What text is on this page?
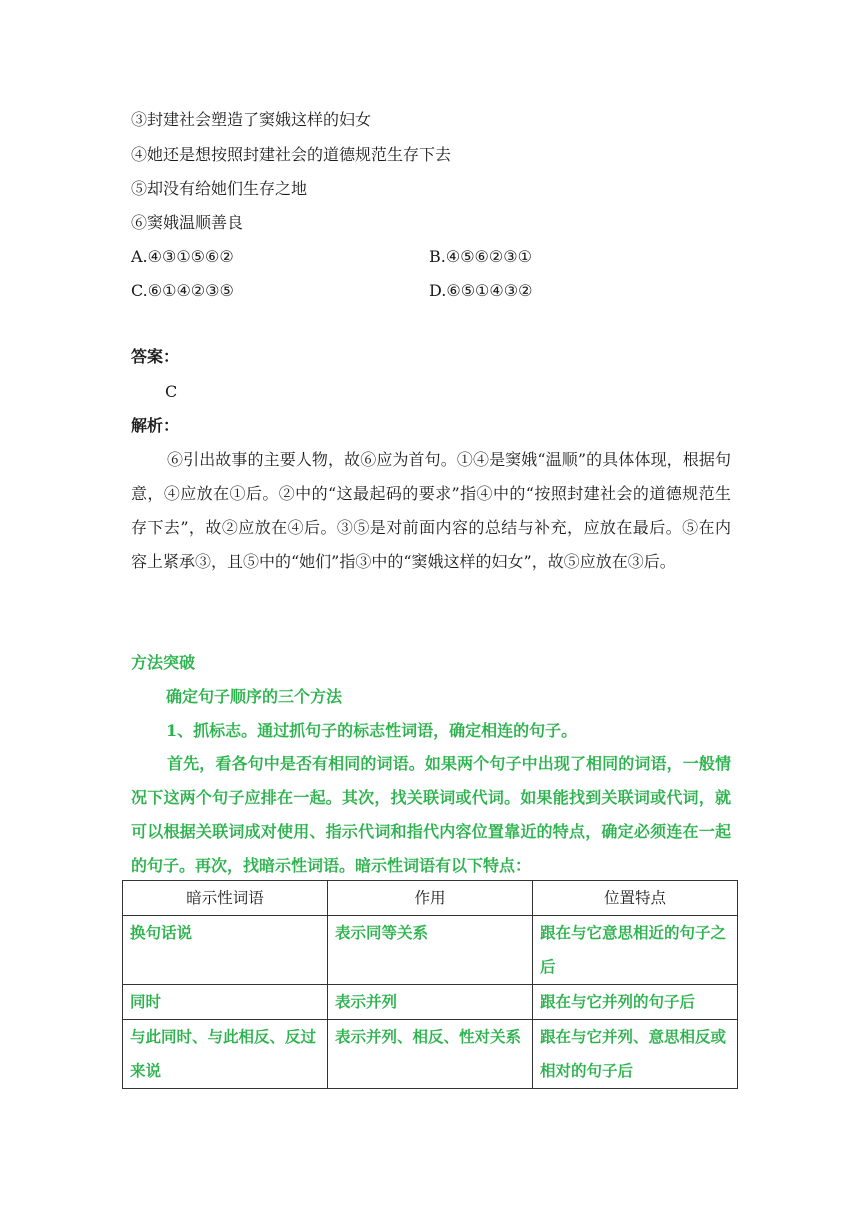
③封建社会塑造了窦娥这样的妇女
④她还是想按照封建社会的道德规范生存下去
⑤却没有给她们生存之地
⑥窦娥温顺善良
A.④③①⑤⑥②	B.④⑤⑥②③①
C.⑥①④②③⑤	D.⑥⑤①④③②
答案：
C
解析：
⑥引出故事的主要人物，故⑥应为首句。①④是窦娥“温顺”的具体体现，根据句意，④应放在①后。②中的“这最起码的要求”指④中的“按照封建社会的道德规范生存下去”，故②应放在④后。③⑤是对前面内容的总结与补充，应放在最后。⑤在内容上紧承③，且⑤中的“她们”指③中的“窦娥这样的妇女”，故⑤应放在③后。
方法突破
确定句子顺序的三个方法
1、抓标志。通过抓句子的标志性词语，确定相连的句子。
首先，看各句中是否有相同的词语。如果两个句子中出现了相同的词语，一般情况下这两个句子应排在一起。其次，找关联词或代词。如果能找到关联词或代词，就可以根据关联词成对使用、指示代词和指代内容位置靠近的特点，确定必须连在一起的句子。再次，找暗示性词语。暗示性词语有以下特点：
暗示性词语	作用	位置特点
换句话说	表示同等关系	跟在与它意思相近的句子之后
同时	表示并列	跟在与它并列的句子后
与此同时、与此相反、反过来说	表示并列、相反、性对关系	跟在与它并列、意思相反或相对的句子后
